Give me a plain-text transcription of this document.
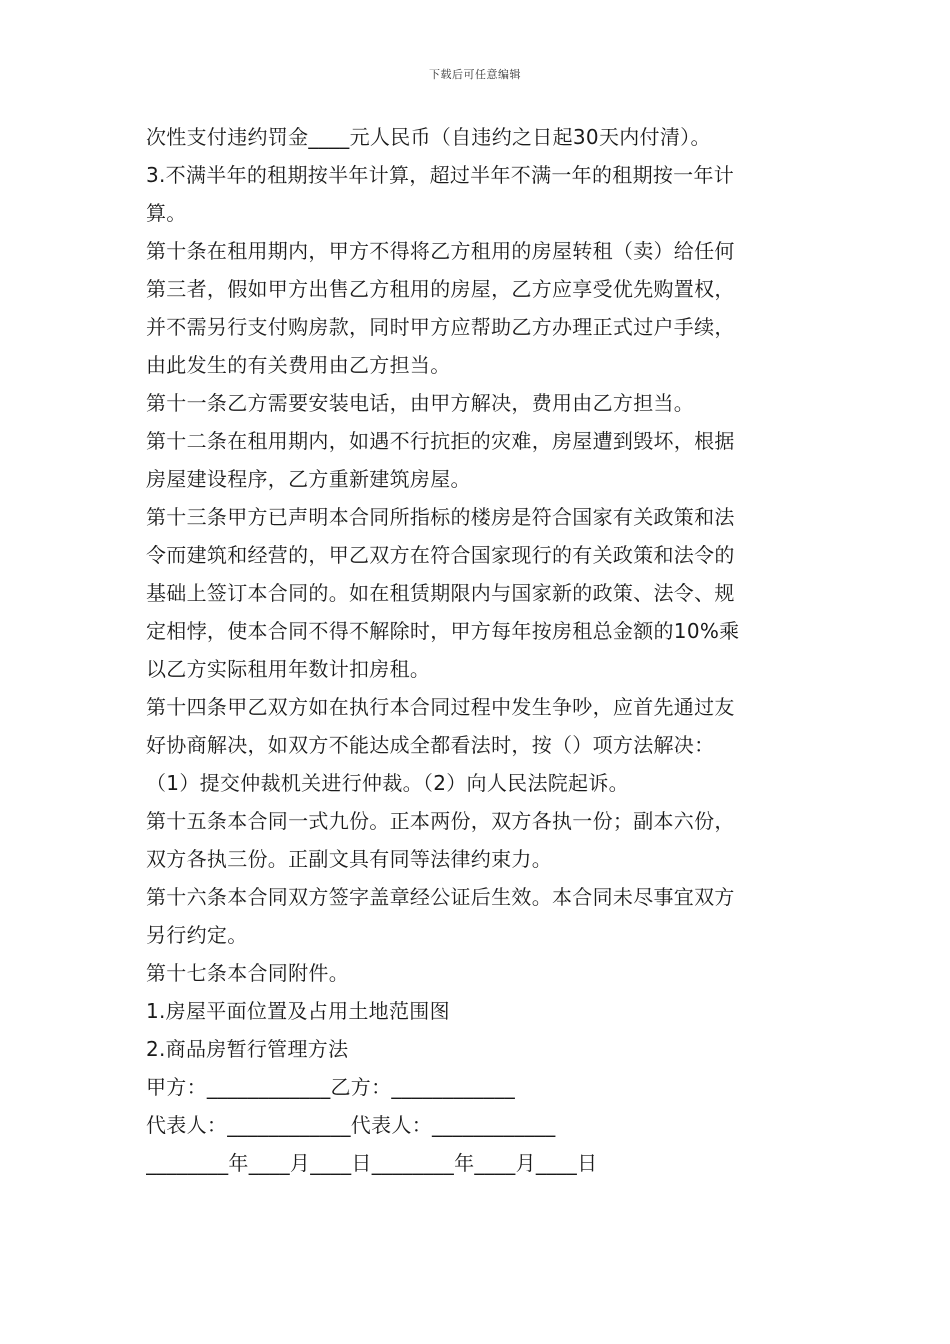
下载后可任意编辑
次性支付违约罚金____元人民币（自违约之日起30天内付清）。
3.不满半年的租期按半年计算，超过半年不满一年的租期按一年计
算。
第十条在租用期内，甲方不得将乙方租用的房屋转租（卖）给任何
第三者，假如甲方出售乙方租用的房屋，乙方应享受优先购置权，
并不需另行支付购房款，同时甲方应帮助乙方办理正式过户手续，
由此发生的有关费用由乙方担当。
第十一条乙方需要安装电话，由甲方解决，费用由乙方担当。
第十二条在租用期内，如遇不行抗拒的灾难，房屋遭到毁坏，根据
房屋建设程序，乙方重新建筑房屋。
第十三条甲方已声明本合同所指标的楼房是符合国家有关政策和法
令而建筑和经营的，甲乙双方在符合国家现行的有关政策和法令的
基础上签订本合同的。如在租赁期限内与国家新的政策、法令、规
定相悖，使本合同不得不解除时，甲方每年按房租总金额的10%乘
以乙方实际租用年数计扣房租。
第十四条甲乙双方如在执行本合同过程中发生争吵，应首先通过友
好协商解决，如双方不能达成全都看法时，按（）项方法解决：
（1）提交仲裁机关进行仲裁。（2）向人民法院起诉。
第十五条本合同一式九份。正本两份，双方各执一份；副本六份，
双方各执三份。正副文具有同等法律约束力。
第十六条本合同双方签字盖章经公证后生效。本合同未尽事宜双方
另行约定。
第十七条本合同附件。
1.房屋平面位置及占用土地范围图
2.商品房暂行管理方法
甲方：____________乙方：____________
代表人：____________代表人：____________
________年____月____日________年____月____日
